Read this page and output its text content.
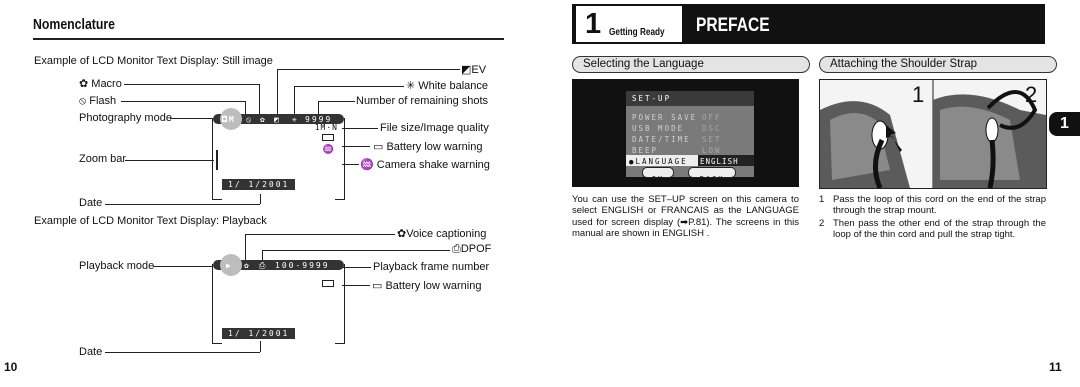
Nomenclature
Example of LCD Monitor Text Display: Still image
◘M ⦸ ✿ ◩ ✳ 9999
1M·N
♒
1/ 1/2001
✿ Macro
⦸ Flash
Photography mode
Zoom bar
Date
◩EV
✳ White balance
Number of remaining shots
File size/Image quality
▭ Battery low warning
♒ Camera shake warning
Example of LCD Monitor Text Display: Playback
▶ ✿ ⎙ 100-9999
1/ 1/2001
Playback mode
Date
✿Voice captioning
⎙DPOF
Playback frame number
▭ Battery low warning
10
1 Getting Ready	PREFACE
1
Selecting the Language
SET-UP
POWER SAVE OFF
USB MODE DSC
DATE/TIME SET
BEEP	LOW
●LANGUAGE ENGLISH
OK	BACK
You can use the SET–UP screen on this camera to select ENGLISH or FRANCAIS as the LANGUAGE used for screen display (➡P.81). The screens in this manual are shown in ENGLISH .
Attaching the Shoulder Strap
1	2
1 Pass the loop of this cord on the end of the strap through the strap mount.
2 Then pass the other end of the strap through the loop of the thin cord and pull the strap tight.
11
